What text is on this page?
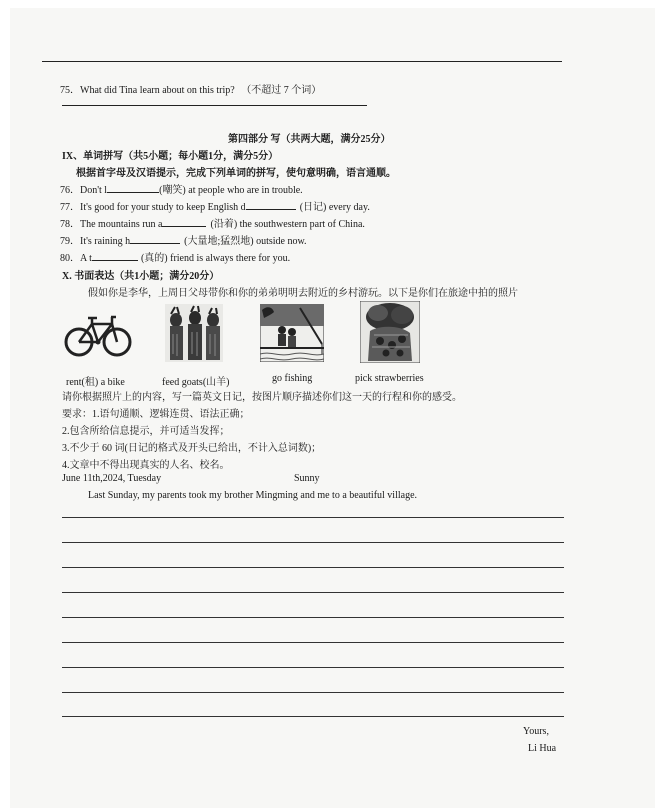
75．What did Tina learn about on this trip? （不超过 7 个词）
第四部分 写（共两大题，满分25分）
IX、单词拼写（共5小题；每小题1分，满分5分）
根据首字母及汉语提示，完成下列单词的拼写，使句意明确，语言通顺。
76．Don't l	(嘲笑) at people who are in trouble.
77．It's good for your study to keep English d	(日记) every day.
78．The mountains run a	(沿着) the southwestern part of China.
79．It's raining h	(大量地;猛烈地) outside now.
80．A t	(真的) friend is always there for you.
X. 书面表达（共1小题；满分20分）
假如你是李华，上周日父母带你和你的弟弟明明去附近的乡村游玩。以下是你们在旅途中拍的照片
rent(租) a bike	feed goats(山羊)	go fishing	pick strawberries
请你根据照片上的内容，写一篇英文日记，按图片顺序描述你们这一天的行程和你的感受。
要求：1.语句通顺、逻辑连贯、语法正确；
2.包含所给信息提示，并可适当发挥；
3.不少于 60 词(日记的格式及开头已给出，不计入总词数)；
4.文章中不得出现真实的人名、校名。
June 11th,2024, Tuesday	Sunny
Last Sunday, my parents took my brother Mingming and me to a beautiful village.
Yours,
Li Hua
